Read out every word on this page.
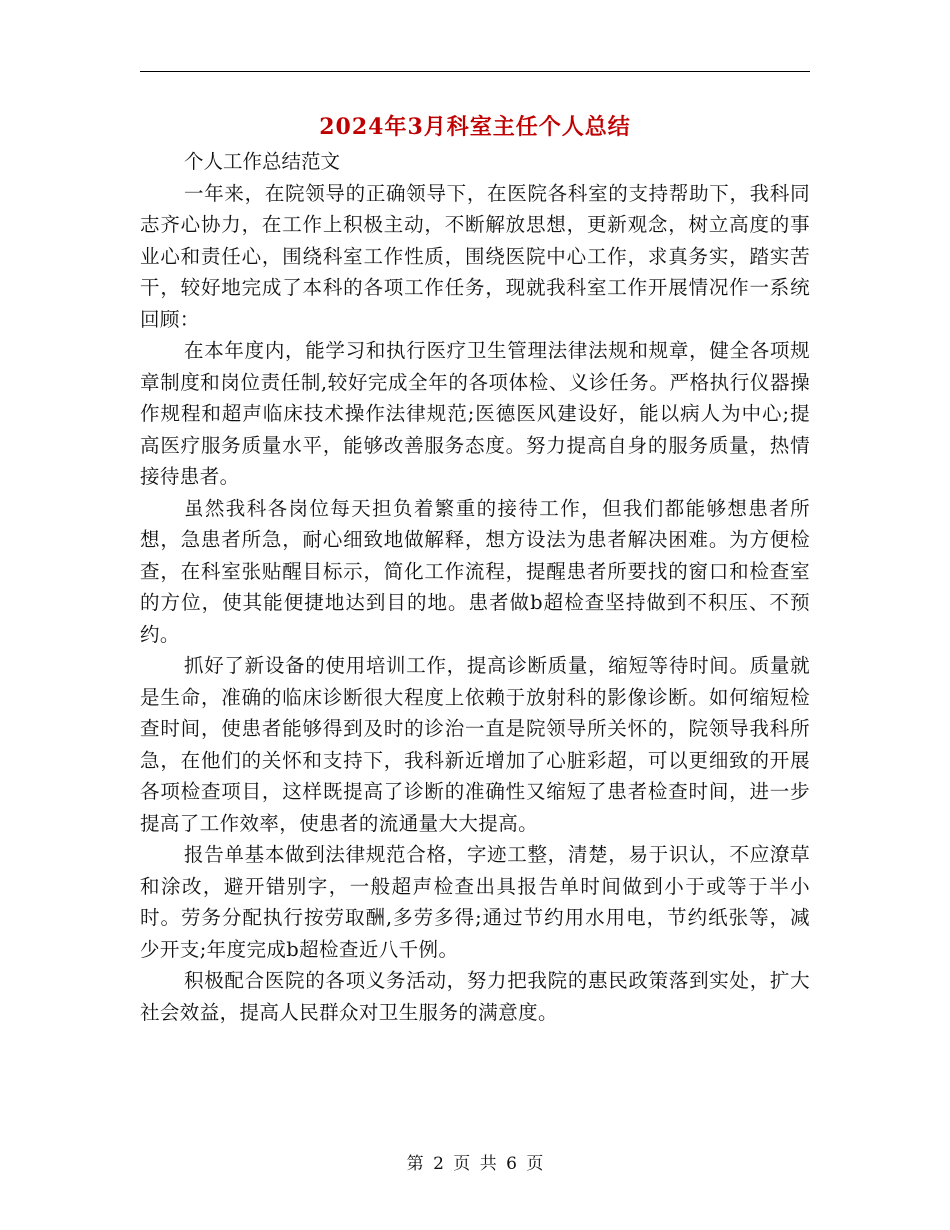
2024年3月科室主任个人总结

个人工作总结范文

一年来，在院领导的正确领导下，在医院各科室的支持帮助下，我科同志齐心协力，在工作上积极主动，不断解放思想，更新观念，树立高度的事业心和责任心，围绕科室工作性质，围绕医院中心工作，求真务实，踏实苦干，较好地完成了本科的各项工作任务，现就我科室工作开展情况作一系统回顾：

在本年度内，能学习和执行医疗卫生管理法律法规和规章，健全各项规章制度和岗位责任制,较好完成全年的各项体检、义诊任务。严格执行仪器操作规程和超声临床技术操作法律规范;医德医风建设好，能以病人为中心;提高医疗服务质量水平，能够改善服务态度。努力提高自身的服务质量，热情接待患者。

虽然我科各岗位每天担负着繁重的接待工作，但我们都能够想患者所想，急患者所急，耐心细致地做解释，想方设法为患者解决困难。为方便检查，在科室张贴醒目标示，简化工作流程，提醒患者所要找的窗口和检查室的方位，使其能便捷地达到目的地。患者做b超检查坚持做到不积压、不预约。

抓好了新设备的使用培训工作，提高诊断质量，缩短等待时间。质量就是生命，准确的临床诊断很大程度上依赖于放射科的影像诊断。如何缩短检查时间，使患者能够得到及时的诊治一直是院领导所关怀的，院领导我科所急，在他们的关怀和支持下，我科新近增加了心脏彩超，可以更细致的开展各项检查项目，这样既提高了诊断的准确性又缩短了患者检查时间，进一步提高了工作效率，使患者的流通量大大提高。

报告单基本做到法律规范合格，字迹工整，清楚，易于识认，不应潦草和涂改，避开错别字，一般超声检查出具报告单时间做到小于或等于半小时。劳务分配执行按劳取酬,多劳多得;通过节约用水用电，节约纸张等，减少开支;年度完成b超检查近八千例。

积极配合医院的各项义务活动，努力把我院的惠民政策落到实处，扩大社会效益，提高人民群众对卫生服务的满意度。

第 2 页 共 6 页
